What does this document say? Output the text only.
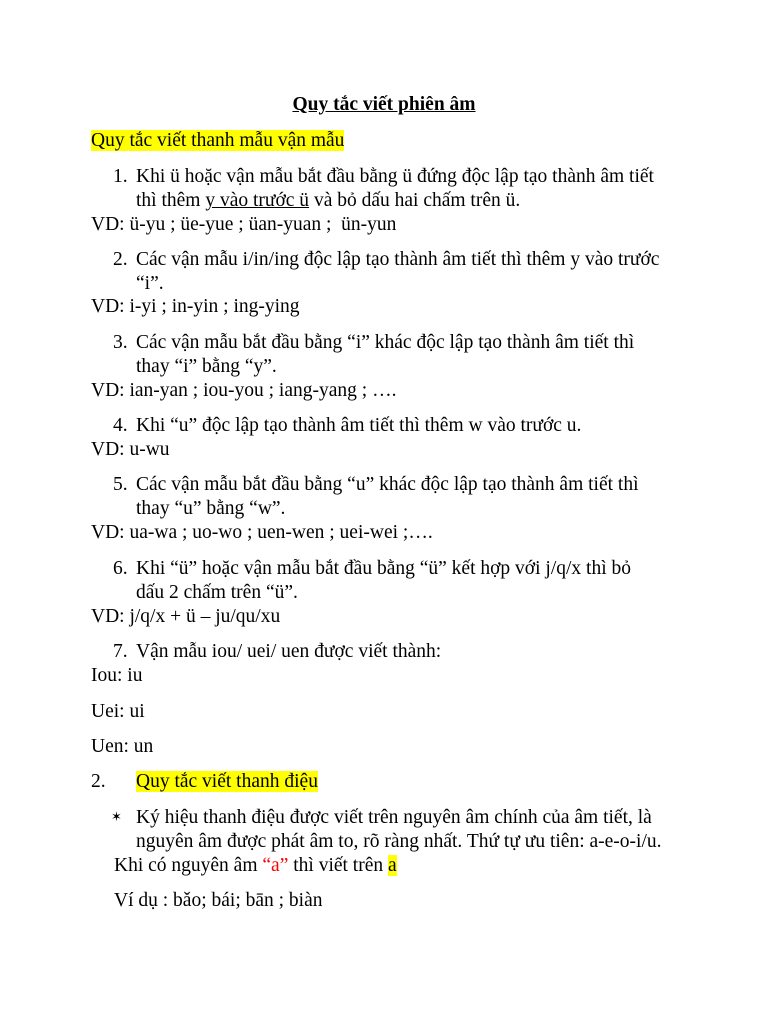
Quy tắc viết phiên âm
Quy tắc viết thanh mẫu vận mẫu
1. Khi ü hoặc vận mẫu bắt đầu bằng ü đứng độc lập tạo thành âm tiết
thì thêm y vào trước ü và bỏ dấu hai chấm trên ü.
VD: ü-yu ; üe-yue ; üan-yuan ;  ün-yun
2. Các vận mẫu i/in/ing độc lập tạo thành âm tiết thì thêm y vào trước
“i”.
VD: i-yi ; in-yin ; ing-ying
3. Các vận mẫu bắt đầu bằng “i” khác độc lập tạo thành âm tiết thì
thay “i” bằng “y”.
VD: ian-yan ; iou-you ; iang-yang ; ….
4. Khi “u” độc lập tạo thành âm tiết thì thêm w vào trước u.
VD: u-wu
5. Các vận mẫu bắt đầu bằng “u” khác độc lập tạo thành âm tiết thì
thay “u” bằng “w”.
VD: ua-wa ; uo-wo ; uen-wen ; uei-wei ;….
6. Khi “ü” hoặc vận mẫu bắt đầu bằng “ü” kết hợp với j/q/x thì bỏ
dấu 2 chấm trên “ü”.
VD: j/q/x + ü – ju/qu/xu
7. Vận mẫu iou/ uei/ uen được viết thành:
Iou: iu
Uei: ui
Uen: un
2. Quy tắc viết thanh điệu
✶ Ký hiệu thanh điệu được viết trên nguyên âm chính của âm tiết, là
nguyên âm được phát âm to, rõ ràng nhất. Thứ tự ưu tiên: a-e-o-i/u.
Khi có nguyên âm “a” thì viết trên a
Ví dụ : bǎo; bái; bān ; biàn
